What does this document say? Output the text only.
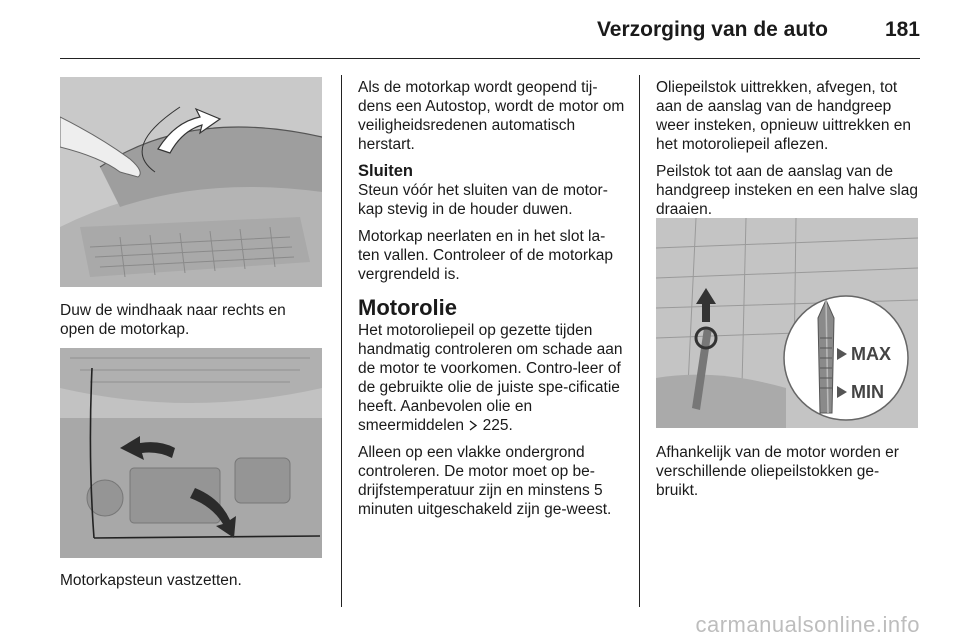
Verzorging van de auto	181
Duw de windhaak naar rechts en open de motorkap.
Motorkapsteun vastzetten.

Als de motorkap wordt geopend tij-dens een Autostop, wordt de motor om veiligheidsredenen automatisch herstart.

Sluiten

Steun vóór het sluiten van de motor-kap stevig in de houder duwen.

Motorkap neerlaten en in het slot la-ten vallen. Controleer of de motorkap vergrendeld is.

Motorolie

Het motoroliepeil op gezette tijden handmatig controleren om schade aan de motor te voorkomen. Contro-leer of de gebruikte olie de juiste spe-cificatie heeft. Aanbevolen olie en smeermiddelen 225.

Alleen op een vlakke ondergrond controleren. De motor moet op be-drijfstemperatuur zijn en minstens 5 minuten uitgeschakeld zijn ge-weest.

Oliepeilstok uittrekken, afvegen, tot aan de aanslag van de handgreep weer insteken, opnieuw uittrekken en het motoroliepeil aflezen.

Peilstok tot aan de aanslag van de handgreep insteken en een halve slag draaien.

MAX
MIN
Afhankelijk van de motor worden er verschillende oliepeilstokken ge-bruikt.
carmanualsonline.info
